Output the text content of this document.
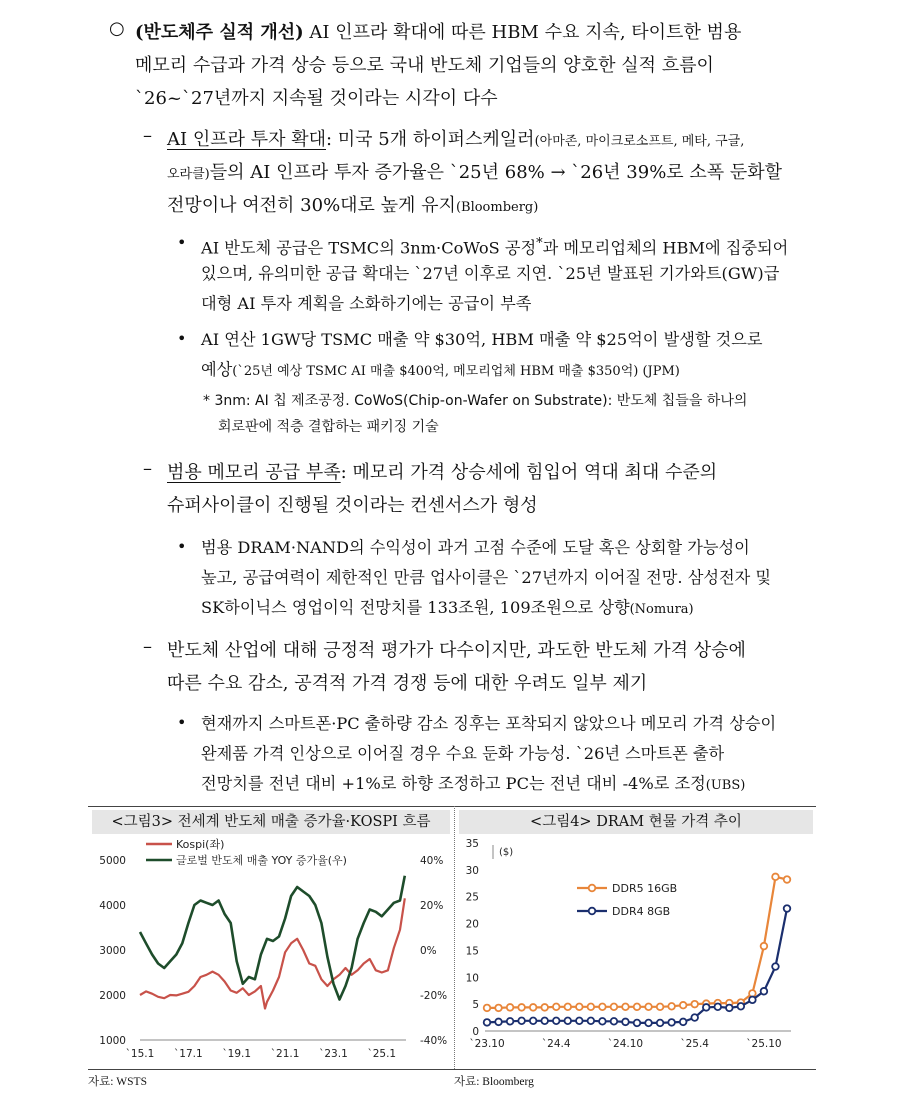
○ (반도체주 실적 개선) AI 인프라 확대에 따른 HBM 수요 지속, 타이트한 범용
메모리 수급과 가격 상승 등으로 국내 반도체 기업들의 양호한 실적 흐름이
`26~`27년까지 지속될 것이라는 시각이 다수
– AI 인프라 투자 확대: 미국 5개 하이퍼스케일러(아마존, 마이크로소프트, 메타, 구글,
오라클)들의 AI 인프라 투자 증가율은 `25년 68% → `26년 39%로 소폭 둔화할
전망이나 여전히 30%대로 높게 유지(Bloomberg)
• AI 반도체 공급은 TSMC의 3nm·CoWoS 공정*과 메모리업체의 HBM에 집중되어
있으며, 유의미한 공급 확대는 `27년 이후로 지연. `25년 발표된 기가와트(GW)급
대형 AI 투자 계획을 소화하기에는 공급이 부족
• AI 연산 1GW당 TSMC 매출 약 $30억, HBM 매출 약 $25억이 발생할 것으로
예상(`25년 예상 TSMC AI 매출 $400억, 메모리업체 HBM 매출 $350억) (JPM)
* 3nm: AI 칩 제조공정. CoWoS(Chip-on-Wafer on Substrate): 반도체 칩들을 하나의
회로판에 적층 결합하는 패키징 기술
– 범용 메모리 공급 부족: 메모리 가격 상승세에 힘입어 역대 최대 수준의
슈퍼사이클이 진행될 것이라는 컨센서스가 형성
• 범용 DRAM·NAND의 수익성이 과거 고점 수준에 도달 혹은 상회할 가능성이
높고, 공급여력이 제한적인 만큼 업사이클은 `27년까지 이어질 전망. 삼성전자 및
SK하이닉스 영업이익 전망치를 133조원, 109조원으로 상향(Nomura)
– 반도체 산업에 대해 긍정적 평가가 다수이지만, 과도한 반도체 가격 상승에
따른 수요 감소, 공격적 가격 경쟁 등에 대한 우려도 일부 제기
• 현재까지 스마트폰·PC 출하량 감소 징후는 포착되지 않았으나 메모리 가격 상승이
완제품 가격 인상으로 이어질 경우 수요 둔화 가능성. `26년 스마트폰 출하
전망치를 전년 대비 +1%로 하향 조정하고 PC는 전년 대비 -4%로 조정(UBS)
<그림3> 전세계 반도체 매출 증가율·KOSPI 흐름	<그림4> DRAM 현물 가격 추이
5000
4000
3000
2000
1000
40%
20%
0%
-20%
-40%
`15.1 `17.1 `19.1 `21.1 `23.1 `25.1
Kospi(좌)
글로벌 반도체 매출 YOY 증가율(우)
35
30
25
20
15
10
5
0
($)
`23.10	`24.4	`24.10	`25.4	`25.10
DDR5 16GB
DDR4 8GB
자료: WSTS	자료: Bloomberg
